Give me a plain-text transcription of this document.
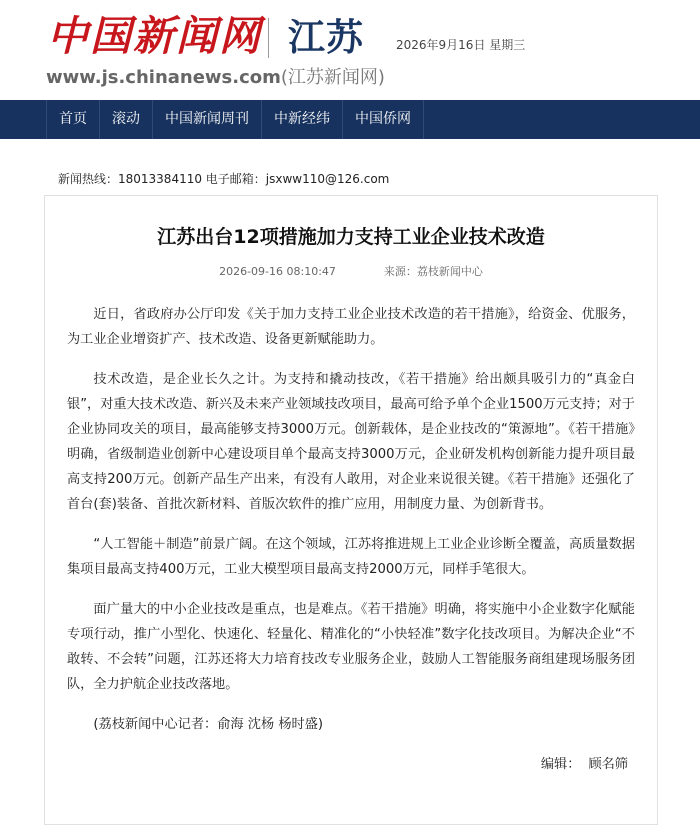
中国新闻网 江苏	2026年9月16日 星期三
www.js.chinanews.com(江苏新闻网)
首页	滚动	中国新闻周刊	中新经纬	中国侨网
新闻热线：18013384110 电子邮箱：jsxww110@126.com
江苏出台12项措施加力支持工业企业技术改造
2026-09-16 08:10:47	来源：荔枝新闻中心

近日，省政府办公厅印发《关于加力支持工业企业技术改造的若干措施》，给资金、优服务，为工业企业增资扩产、技术改造、设备更新赋能助力。

技术改造，是企业长久之计。为支持和撬动技改，《若干措施》给出颇具吸引力的“真金白银”，对重大技术改造、新兴及未来产业领域技改项目，最高可给予单个企业1500万元支持；对于企业协同攻关的项目，最高能够支持3000万元。创新载体，是企业技改的“策源地”。《若干措施》明确，省级制造业创新中心建设项目单个最高支持3000万元，企业研发机构创新能力提升项目最高支持200万元。创新产品生产出来，有没有人敢用，对企业来说很关键。《若干措施》还强化了首台(套)装备、首批次新材料、首版次软件的推广应用，用制度力量、为创新背书。

“人工智能＋制造”前景广阔。在这个领域，江苏将推进规上工业企业诊断全覆盖，高质量数据集项目最高支持400万元，工业大模型项目最高支持2000万元，同样手笔很大。

面广量大的中小企业技改是重点，也是难点。《若干措施》明确，将实施中小企业数字化赋能专项行动，推广小型化、快速化、轻量化、精准化的“小快轻准”数字化技改项目。为解决企业“不敢转、不会转”问题，江苏还将大力培育技改专业服务企业，鼓励人工智能服务商组建现场服务团队，全力护航企业技改落地。

(荔枝新闻中心记者：俞海 沈杨 杨时盛)

编辑： 顾名筛
